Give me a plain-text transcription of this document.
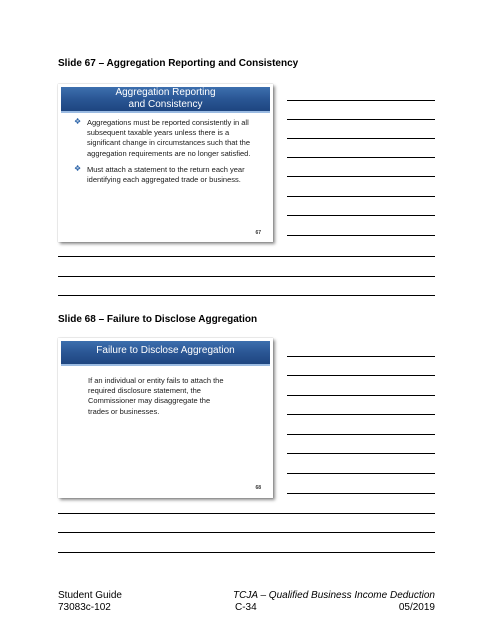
Slide 67 – Aggregation Reporting and Consistency
Aggregation Reporting
and Consistency
❖ Aggregations must be reported consistently in all subsequent taxable years unless there is a significant change in circumstances such that the aggregation requirements are no longer satisfied.
❖ Must attach a statement to the return each year identifying each aggregated trade or business.
67
Slide 68 – Failure to Disclose Aggregation
Failure to Disclose Aggregation
If an individual or entity fails to attach the required disclosure statement, the Commissioner may disaggregate the trades or businesses.
68
Student Guide
73083c-102	C-34
TCJA – Qualified Business Income Deduction
05/2019
